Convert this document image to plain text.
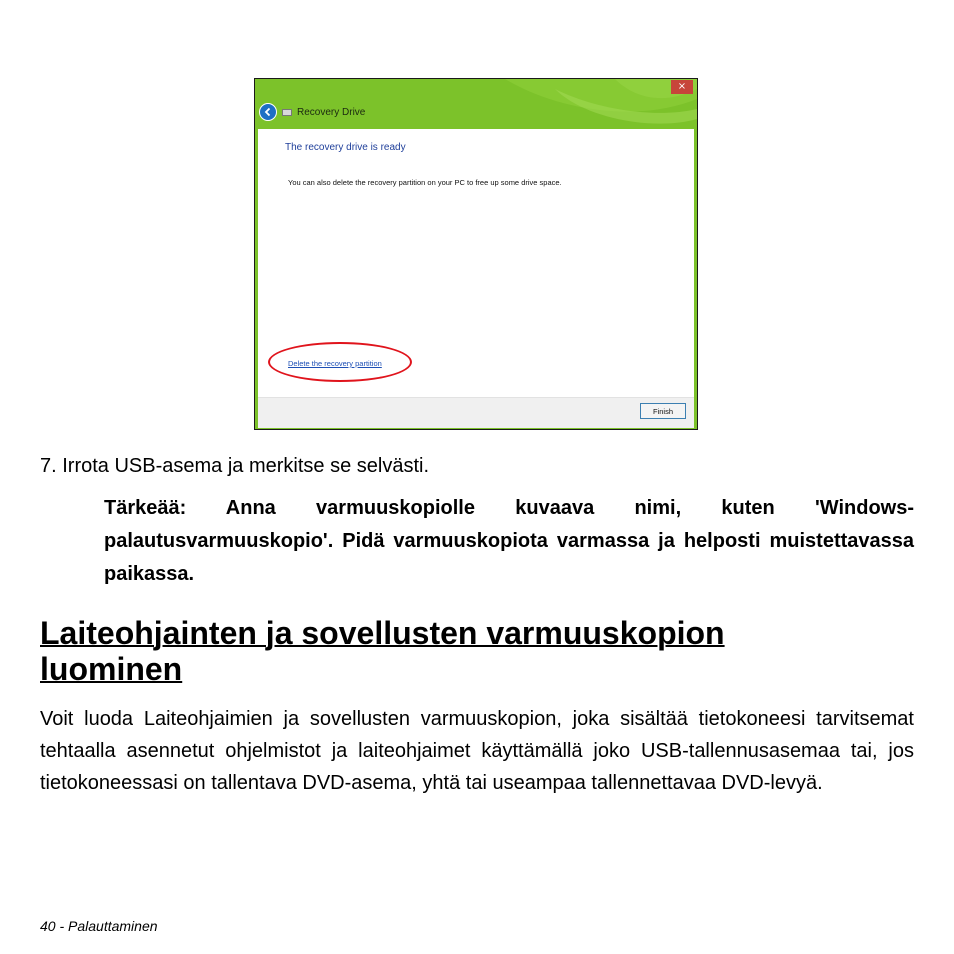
×
Recovery Drive
The recovery drive is ready
You can also delete the recovery partition on your PC to free up some drive space.
Delete the recovery partition
Finish

7. Irrota USB-asema ja merkitse se selvästi.

Tärkeää: Anna varmuuskopiolle kuvaava nimi, kuten 'Windows-palautusvarmuuskopio'. Pidä varmuuskopiota varmassa ja helposti muistettavassa paikassa.

Laiteohjainten ja sovellusten varmuuskopion luominen

Voit luoda Laiteohjaimien ja sovellusten varmuuskopion, joka sisältää tietokoneesi tarvitsemat tehtaalla asennetut ohjelmistot ja laiteohjaimet käyttämällä joko USB-tallennusasemaa tai, jos tietokoneessasi on tallentava DVD-asema, yhtä tai useampaa tallennettavaa DVD-levyä.

40 - Palauttaminen
